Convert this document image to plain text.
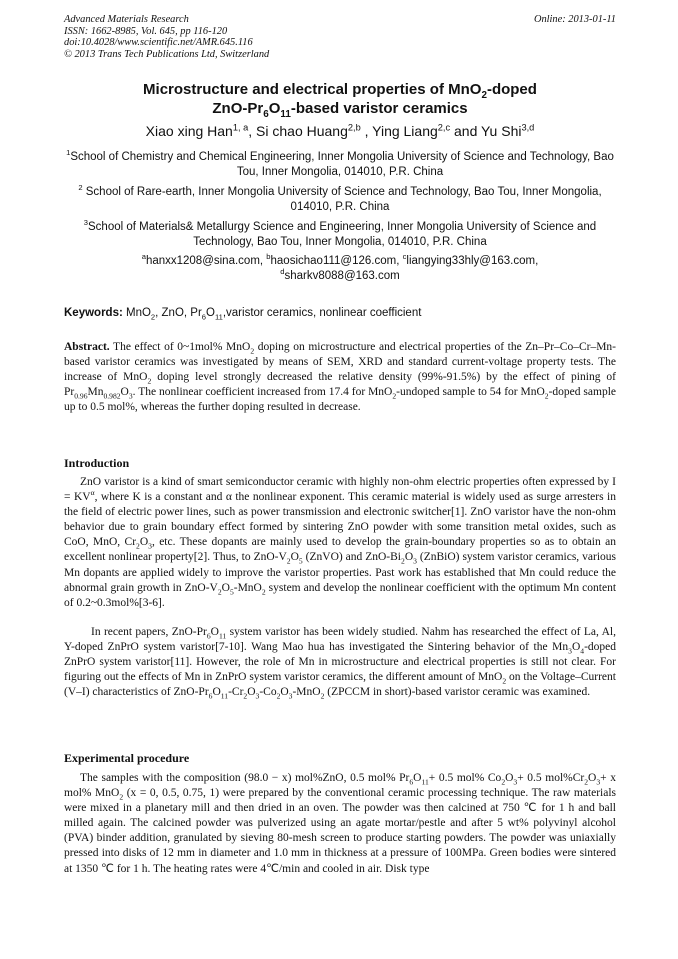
Advanced Materials Research
ISSN: 1662-8985, Vol. 645, pp 116-120
doi:10.4028/www.scientific.net/AMR.645.116
© 2013 Trans Tech Publications Ltd, Switzerland
Online: 2013-01-11
Microstructure and electrical properties of MnO$_2$-doped
ZnO-$Pr_6O_{11}$-based varistor ceramics
Xiao xing Han$^{1, a}$, Si chao Huang$^{2,b}$ , Ying Liang$^{2,c}$ and Yu Shi$^{3,d}$
$^1$School of Chemistry and Chemical Engineering, Inner Mongolia University of Science and Technology, Bao Tou, Inner Mongolia, 014010, P.R. China
$^2$ School of Rare-earth, Inner Mongolia University of Science and Technology, Bao Tou, Inner Mongolia, 014010, P.R. China
$^3$School of Materials& Metallurgy Science and Engineering, Inner Mongolia University of Science and Technology, Bao Tou, Inner Mongolia, 014010, P.R. China
$^a$hanxx1208@sina.com, $^b$haosichao111@126.com, $^c$liangying33hly@163.com,
$^d$sharkv8088@163.com
Keywords: MnO$_2$, ZnO, $Pr_6O_{11},varistor$ ceramics, nonlinear coefficient
Abstract. The effect of 0~1mol% MnO$_2$ doping on microstructure and electrical properties of the Zn–Pr–Co–Cr–Mn-based varistor ceramics was investigated by means of SEM, XRD and standard current-voltage property tests. The increase of MnO$_2$ doping level strongly decreased the relative density (99%-91.5%) by the effect of pining of $Pr_{0.96}Mn_{0.982}O_3$. The nonlinear coefficient increased from 17.4 for MnO$_2$-undoped sample to 54 for MnO$_2$-doped sample up to 0.5 mol%, whereas the further doping resulted in decrease.
Introduction
ZnO varistor is a kind of smart semiconductor ceramic with highly non-ohm electric properties often expressed by $I = KV^\alpha$, where K is a constant and α the nonlinear exponent. This ceramic material is widely used as surge arresters in the field of electric power lines, such as power transmission and electronic switcher[1]. ZnO varistor have the non-ohm behavior due to grain boundary effect formed by sintering ZnO powder with some transition metal oxides, such as CoO, MnO, $Cr_2O_3$, etc. These dopants are mainly used to develop the grain-boundary properties so as to obtain an excellent nonlinear property[2]. Thus, to ZnO-$V_2O_5$ (ZnVO) and ZnO-$Bi_2O_3$ (ZnBiO) system varistor ceramics, various Mn dopants are applied widely to improve the varistor properties. Past work has established that Mn could reduce the abnormal grain growth in ZnO-$V_2O_5-MnO_2$ system and develop the nonlinear coefficient with the optimum Mn content of 0.2~0.3mol%[3-6].
In recent papers, ZnO-$Pr_6O_{11}$ system varistor has been widely studied. Nahm has researched the effect of La, Al, Y-doped ZnPrO system varistor[7-10]. Wang Mao hua has investigated the Sintering behavior of the $Mn_3O_4$-doped ZnPrO system varistor[11]. However, the role of Mn in microstructure and electrical properties is still not clear. For figuring out the effects of Mn in ZnPrO system varistor ceramics, the different amount of MnO$_2$ on the Voltage–Current (V–I) characteristics of ZnO-$Pr_6O_{11}-Cr_2O_3-Co_2O_3-MnO_2$ (ZPCCM in short)-based varistor ceramic was examined.
Experimental procedure
The samples with the composition (98.0 − x) mol%ZnO, 0.5 mol% $Pr_6O_{11}+ 0.5$ mol% $Co_2O_3+ 0.5$ $mol\%Cr_2O_3+ x$ mol% MnO$_2$ (x = 0, 0.5, 0.75, 1) were prepared by the conventional ceramic processing technique. The raw materials were mixed in a planetary mill and then dried in an oven. The powder was then calcined at 750 ℃ for 1 h and ball milled again. The calcined powder was pulverized using an agate mortar/pestle and after 5 wt% polyvinyl alcohol (PVA) binder addition, granulated by sieving 80-mesh screen to produce starting powders. The powder was uniaxially pressed into disks of 12 mm in diameter and 1.0 mm in thickness at a pressure of 100MPa. Green bodies were sintered at 1350 ℃ for 1 h. The heating rates were 4℃/min and cooled in air. Disk type
